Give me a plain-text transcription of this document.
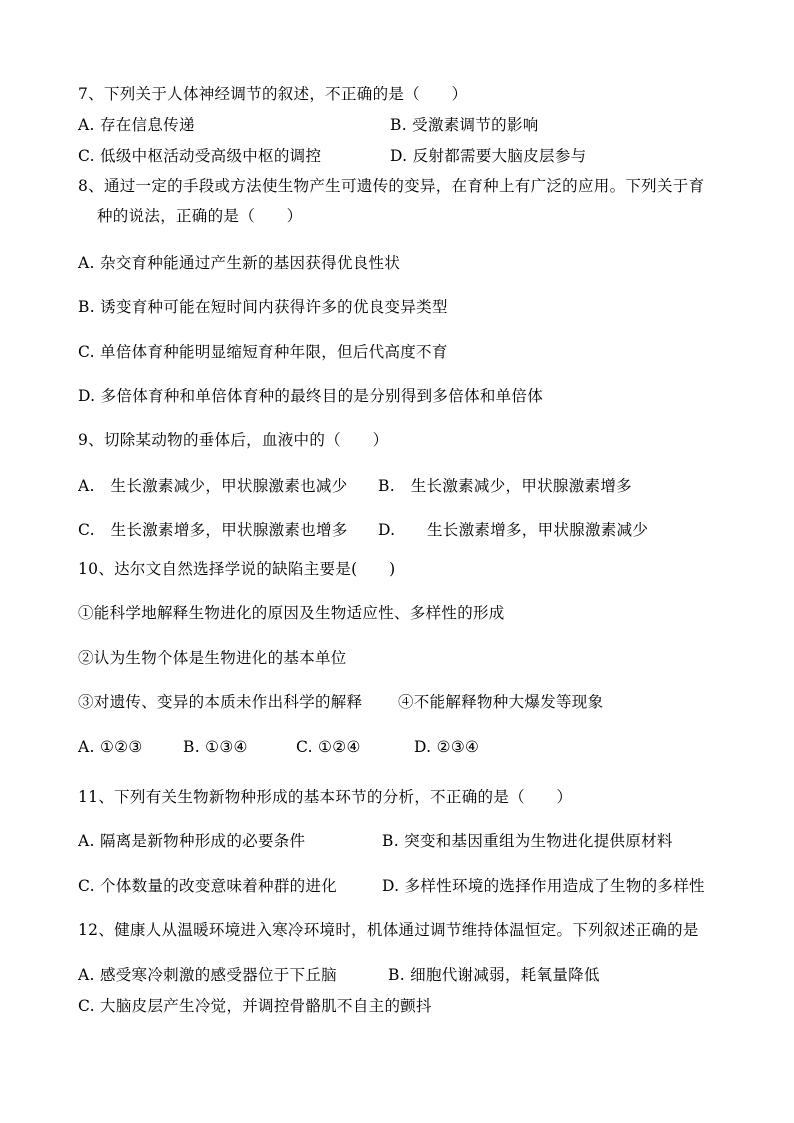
7、下列关于人体神经调节的叙述，不正确的是（　　）
A. 存在信息传递	B. 受激素调节的影响
C. 低级中枢活动受高级中枢的调控	D. 反射都需要大脑皮层参与
8、通过一定的手段或方法使生物产生可遗传的变异，在育种上有广泛的应用。下列关于育
种的说法，正确的是（　　）
A. 杂交育种能通过产生新的基因获得优良性状
B. 诱变育种可能在短时间内获得许多的优良变异类型
C. 单倍体育种能明显缩短育种年限，但后代高度不育
D. 多倍体育种和单倍体育种的最终目的是分别得到多倍体和单倍体
9、切除某动物的垂体后，血液中的（　　）
A.　生长激素减少，甲状腺激素也减少 B.　生长激素减少，甲状腺激素增多
C.　生长激素增多，甲状腺激素也增多 D.　　生长激素增多，甲状腺激素减少
10、达尔文自然选择学说的缺陷主要是(　　)
①能科学地解释生物进化的原因及生物适应性、多样性的形成
②认为生物个体是生物进化的基本单位
③对遗传、变异的本质未作出科学的解释 ④不能解释物种大爆发等现象
A. ①②③	B. ①③④	C. ①②④	D. ②③④
11、下列有关生物新物种形成的基本环节的分析，不正确的是（　　）
A. 隔离是新物种形成的必要条件	B. 突变和基因重组为生物进化提供原材料
C. 个体数量的改变意味着种群的进化	D. 多样性环境的选择作用造成了生物的多样性
12、健康人从温暖环境进入寒冷环境时，机体通过调节维持体温恒定。下列叙述正确的是
A. 感受寒冷刺激的感受器位于下丘脑	B. 细胞代谢减弱，耗氧量降低
C. 大脑皮层产生冷觉，并调控骨骼肌不自主的颤抖
